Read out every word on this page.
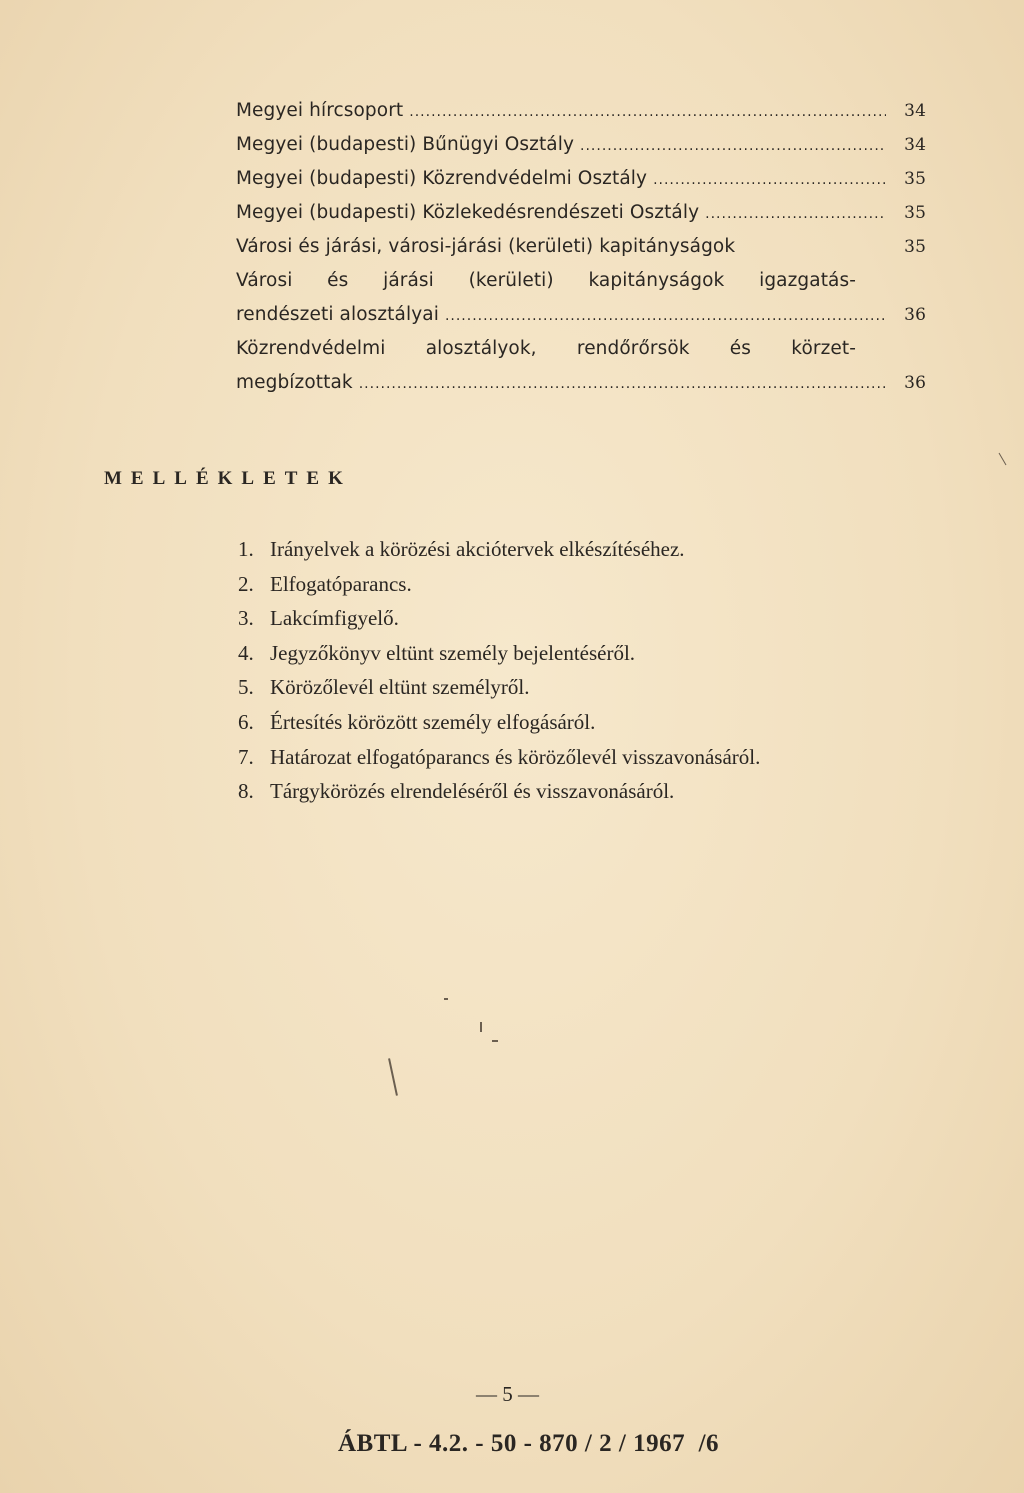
Megyei hírcsoport .....	34
Megyei (budapesti) Bűnügyi Osztály .....	34
Megyei (budapesti) Közrendvédelmi Osztály .....	35
Megyei (budapesti) Közlekedésrendészeti Osztály .....	35
Városi és járási, városi-járási (kerületi) kapitányságok	35
Városi és járási (kerületi) kapitányságok igazgatás-
rendészeti alosztályai .....	36
Közrendvédelmi alosztályok, rendőrőrsök és körzet-
megbízottak .....	36
MELLÉKLETEK
1. Irányelvek a körözési akciótervek elkészítéséhez.
2. Elfogatóparancs.
3. Lakcímfigyelő.
4. Jegyzőkönyv eltünt személy bejelentéséről.
5. Körözőlevél eltünt személyről.
6. Értesítés körözött személy elfogásáról.
7. Határozat elfogatóparancs és körözőlevél visszavonásáról.
8. Tárgykörözés elrendeléséről és visszavonásáról.
— 5 —
ÁBTL - 4.2. - 50 - 870 / 2 / 1967  /6
